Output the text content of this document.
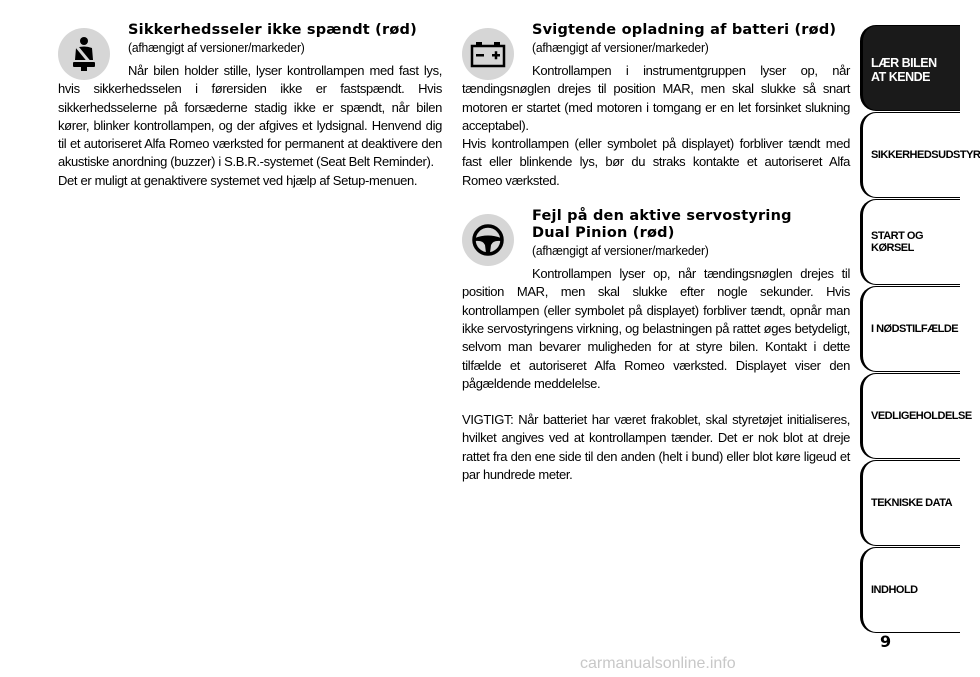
Sikkerhedsseler ikke spændt (rød)
(afhængigt af versioner/markeder)

Når bilen holder stille, lyser kontrollampen med fast lys, hvis sikkerhedsselen i førersiden ikke er fastspændt. Hvis sikkerhedsselerne på forsæderne stadig ikke er spændt, når bilen kører, blinker kontrollampen, og der afgives et lydsignal. Henvend dig til et autoriseret Alfa Romeo værksted for permanent at deaktivere den akustiske anordning (buzzer) i S.B.R.-systemet (Seat Belt Reminder).

Det er muligt at genaktivere systemet ved hjælp af Setup-menuen.

Svigtende opladning af batteri (rød)
(afhængigt af versioner/markeder)

Kontrollampen i instrumentgruppen lyser op, når tændingsnøglen drejes til position MAR, men skal slukke så snart motoren er startet (med motoren i tomgang er en let forsinket slukning acceptabel).

Hvis kontrollampen (eller symbolet på displayet) forbliver tændt med fast eller blinkende lys, bør du straks kontakte et autoriseret Alfa Romeo værksted.

Fejl på den aktive servostyring
Dual Pinion (rød)
(afhængigt af versioner/markeder)

Kontrollampen lyser op, når tændingsnøglen drejes til position MAR, men skal slukke efter nogle sekunder. Hvis kontrollampen (eller symbolet på displayet) forbliver tændt, opnår man ikke servostyringens virkning, og belastningen på rattet øges betydeligt, selvom man bevarer muligheden for at styre bilen. Kontakt i dette tilfælde et autoriseret Alfa Romeo værksted. Displayet viser den pågældende meddelelse.

VIGTIGT: Når batteriet har været frakoblet, skal styretøjet initialiseres, hvilket angives ved at kontrollampen tænder. Det er nok blot at dreje rattet fra den ene side til den anden (helt i bund) eller blot køre ligeud et par hundrede meter.

LÆR BILEN
AT KENDE
SIKKERHEDSUDSTYR
START OG KØRSEL
I NØDSTILFÆLDE
VEDLIGEHOLDELSE
TEKNISKE DATA
INDHOLD
9
carmanualsonline.info
